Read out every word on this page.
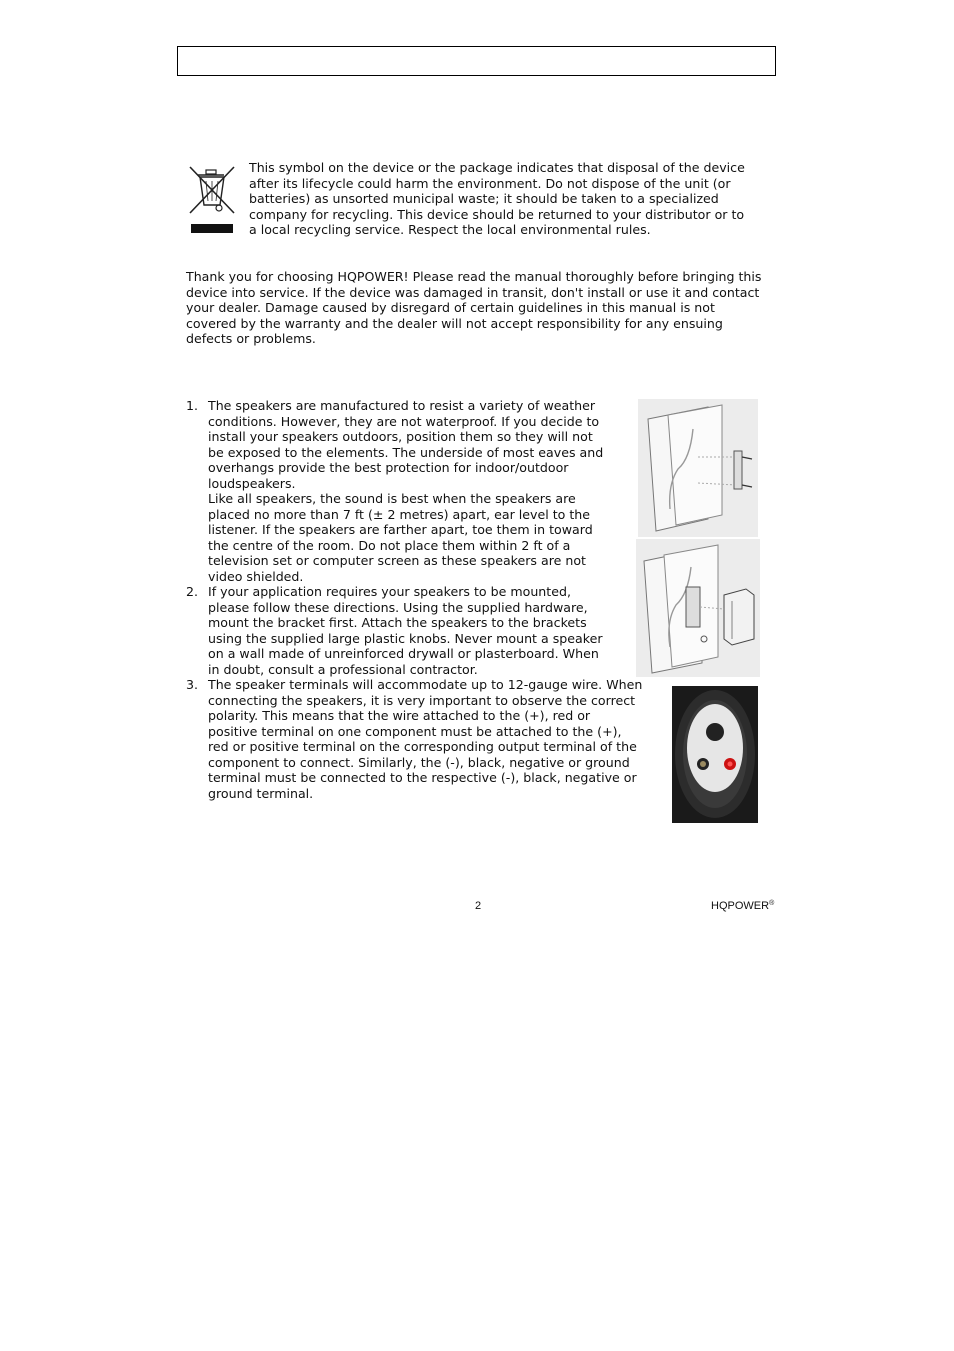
This symbol on the device or the package indicates that disposal of the device
after its lifecycle could harm the environment. Do not dispose of the unit (or
batteries) as unsorted municipal waste; it should be taken to a specialized
company for recycling. This device should be returned to your distributor or to
a local recycling service. Respect the local environmental rules.
Thank you for choosing HQPOWER! Please read the manual thoroughly before bringing this
device into service. If the device was damaged in transit, don't install or use it and contact
your dealer. Damage caused by disregard of certain guidelines in this manual is not
covered by the warranty and the dealer will not accept responsibility for any ensuing
defects or problems.
1. The speakers are manufactured to resist a variety of weather
conditions. However, they are not waterproof. If you decide to
install your speakers outdoors, position them so they will not
be exposed to the elements. The underside of most eaves and
overhangs provide the best protection for indoor/outdoor
loudspeakers.
Like all speakers, the sound is best when the speakers are
placed no more than 7 ft (± 2 metres) apart, ear level to the
listener. If the speakers are farther apart, toe them in toward
the centre of the room. Do not place them within 2 ft of a
television set or computer screen as these speakers are not
video shielded.
2. If your application requires your speakers to be mounted,
please follow these directions. Using the supplied hardware,
mount the bracket first. Attach the speakers to the brackets
using the supplied large plastic knobs. Never mount a speaker
on a wall made of unreinforced drywall or plasterboard. When
in doubt, consult a professional contractor.
3. The speaker terminals will accommodate up to 12-gauge wire. When
connecting the speakers, it is very important to observe the correct
polarity. This means that the wire attached to the (+), red or
positive terminal on one component must be attached to the (+),
red or positive terminal on the corresponding output terminal of the
component to connect. Similarly, the (-), black, negative or ground
terminal must be connected to the respective (-), black, negative or
ground terminal.
2	HQPOWER®
